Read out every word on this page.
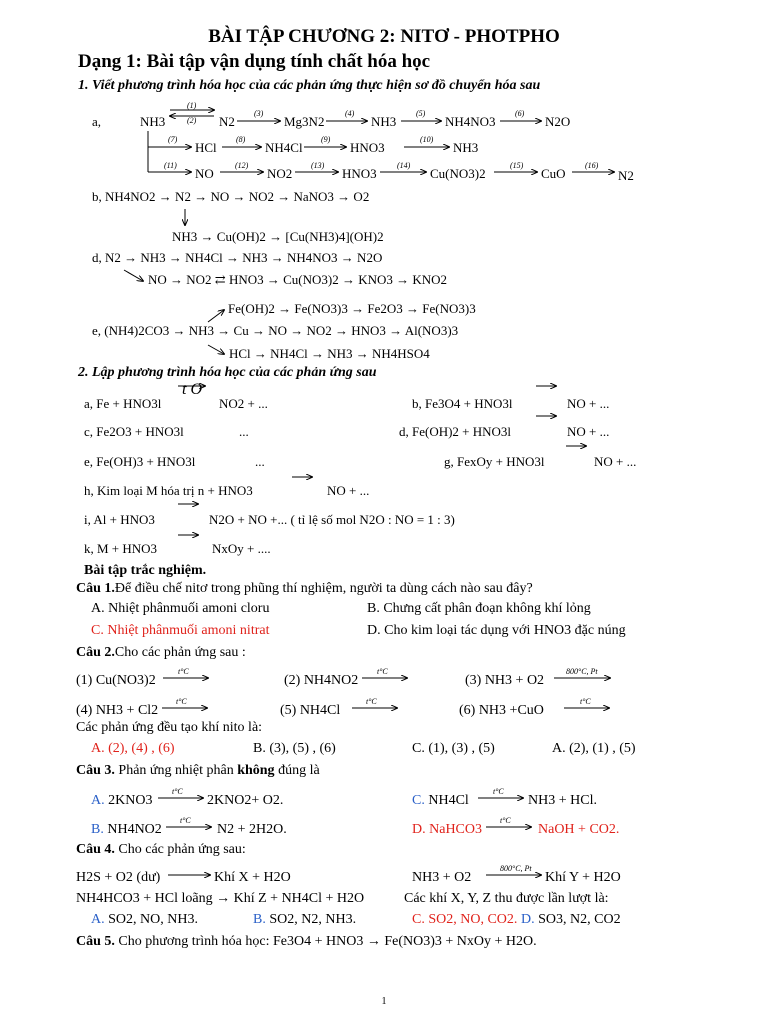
BÀI TẬP CHƯƠNG 2: NITƠ - PHOTPHO
Dạng 1: Bài tập vận dụng tính chất hóa học
1. Viết phương trình hóa học của các phản ứng thực hiện sơ đồ chuyển hóa sau
a,	NH3	N2	Mg3N2	NH3	NH4NO3	N2O
HCl	NH4Cl	HNO3	NH3
NO	NO2	HNO3	Cu(NO3)2	CuO	N2
(1)
(2)
(3)	(4)	(5)	(6)
(7)	(8)	(9)	(10)
(11)	(12)	(13)	(14)	(15)	(16)
b, NH4NO2 → N2 → NO → NO2 → NaNO3 → O2
NH3 → Cu(OH)2 → [Cu(NH3)4](OH)2
d, N2 → NH3 → NH4Cl → NH3 → NH4NO3 → N2O
NO → NO2 ⇄ HNO3 → Cu(NO3)2 → KNO3 → KNO2
Fe(OH)2 → Fe(NO3)3 → Fe2O3 → Fe(NO3)3
e, (NH4)2CO3 → NH3 → Cu → NO → NO2 → HNO3 → Al(NO3)3
HCl → NH4Cl → NH3 → NH4HSO4
2. Lập phương trình hóa học của các phản ứng sau
t O
a, Fe + HNO3l	NO2 + ...	b, Fe3O4 + HNO3l	NO + ...
c, Fe2O3 + HNO3l	...	d, Fe(OH)2 + HNO3l	NO + ...
e, Fe(OH)3 + HNO3l	...	g, FexOy + HNO3l	NO + ...
h, Kim loại M hóa trị n + HNO3	NO + ...
i, Al + HNO3	N2O + NO +... ( tỉ lệ số mol N2O : NO = 1 : 3)
k, M + HNO3	NxOy + ....
Bài tập trắc nghiệm.
Câu 1.Để điều chế nitơ trong phũng thí nghiệm, người ta dùng cách nào sau đây?
A. Nhiệt phânmuối amoni cloru	B. Chưng cất phân đoạn không khí lỏng
C. Nhiệt phânmuối amoni nitrat	D. Cho kim loại tác dụng với HNO3 đặc núng
Câu 2.Cho các phản ứng sau :
(1) Cu(NO3)2	(2) NH4NO2	(3) NH3 + O2
(4) NH3 + Cl2	(5) NH4Cl	(6) NH3 +CuO
t°C	t°C	800°C, Pt
t°C	t°C	t°C
Các phản ứng đều tạo khí nito là:
A. (2), (4) , (6)	B. (3), (5) , (6)	C. (1), (3) , (5)	A. (2), (1) , (5)
Câu 3. Phản ứng nhiệt phân không đúng là
A. 2KNO3	2KNO2+ O2.	C. NH4Cl	NH3 + HCl.
B. NH4NO2	N2 + 2H2O.	D. NaHCO3	NaOH + CO2.
t°C	t°C
t°C	t°C
Câu 4. Cho các phản ứng sau:
H2S + O2 (dư)	Khí X + H2O	NH3 + O2	Khí Y + H2O
800°C, Pt
NH4HCO3 + HCl loãng → Khí Z + NH4Cl + H2O	Các khí X, Y, Z thu được lần lượt là:
A. SO2, NO, NH3.	B. SO2, N2, NH3.	C. SO2, NO, CO2. D. SO3, N2, CO2
Câu 5. Cho phương trình hóa học: Fe3O4 + HNO3 → Fe(NO3)3 + NxOy + H2O.
1
